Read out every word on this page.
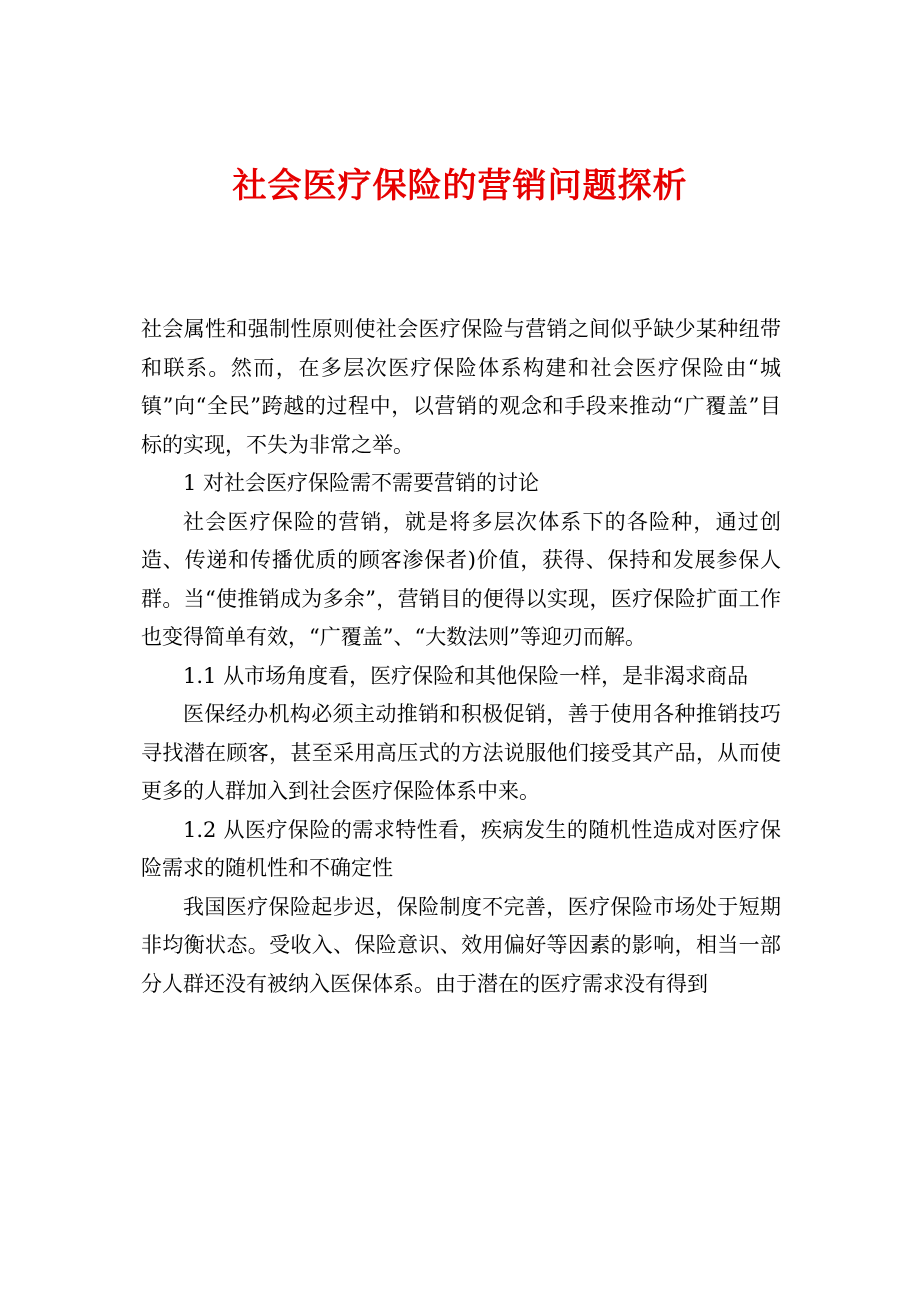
社会医疗保险的营销问题探析

社会属性和强制性原则使社会医疗保险与营销之间似乎缺少某种纽带和联系。然而，在多层次医疗保险体系构建和社会医疗保险由“城镇”向“全民”跨越的过程中，以营销的观念和手段来推动“广覆盖”目标的实现，不失为非常之举。

1 对社会医疗保险需不需要营销的讨论

社会医疗保险的营销，就是将多层次体系下的各险种，通过创造、传递和传播优质的顾客渗保者)价值，获得、保持和发展参保人群。当“使推销成为多余”，营销目的便得以实现，医疗保险扩面工作也变得简单有效，“广覆盖”、“大数法则”等迎刃而解。

1.1 从市场角度看，医疗保险和其他保险一样，是非渴求商品

医保经办机构必须主动推销和积极促销，善于使用各种推销技巧寻找潜在顾客，甚至采用高压式的方法说服他们接受其产品，从而使更多的人群加入到社会医疗保险体系中来。

1.2 从医疗保险的需求特性看，疾病发生的随机性造成对医疗保险需求的随机性和不确定性

我国医疗保险起步迟，保险制度不完善，医疗保险市场处于短期非均衡状态。受收入、保险意识、效用偏好等因素的影响，相当一部分人群还没有被纳入医保体系。由于潜在的医疗需求没有得到
